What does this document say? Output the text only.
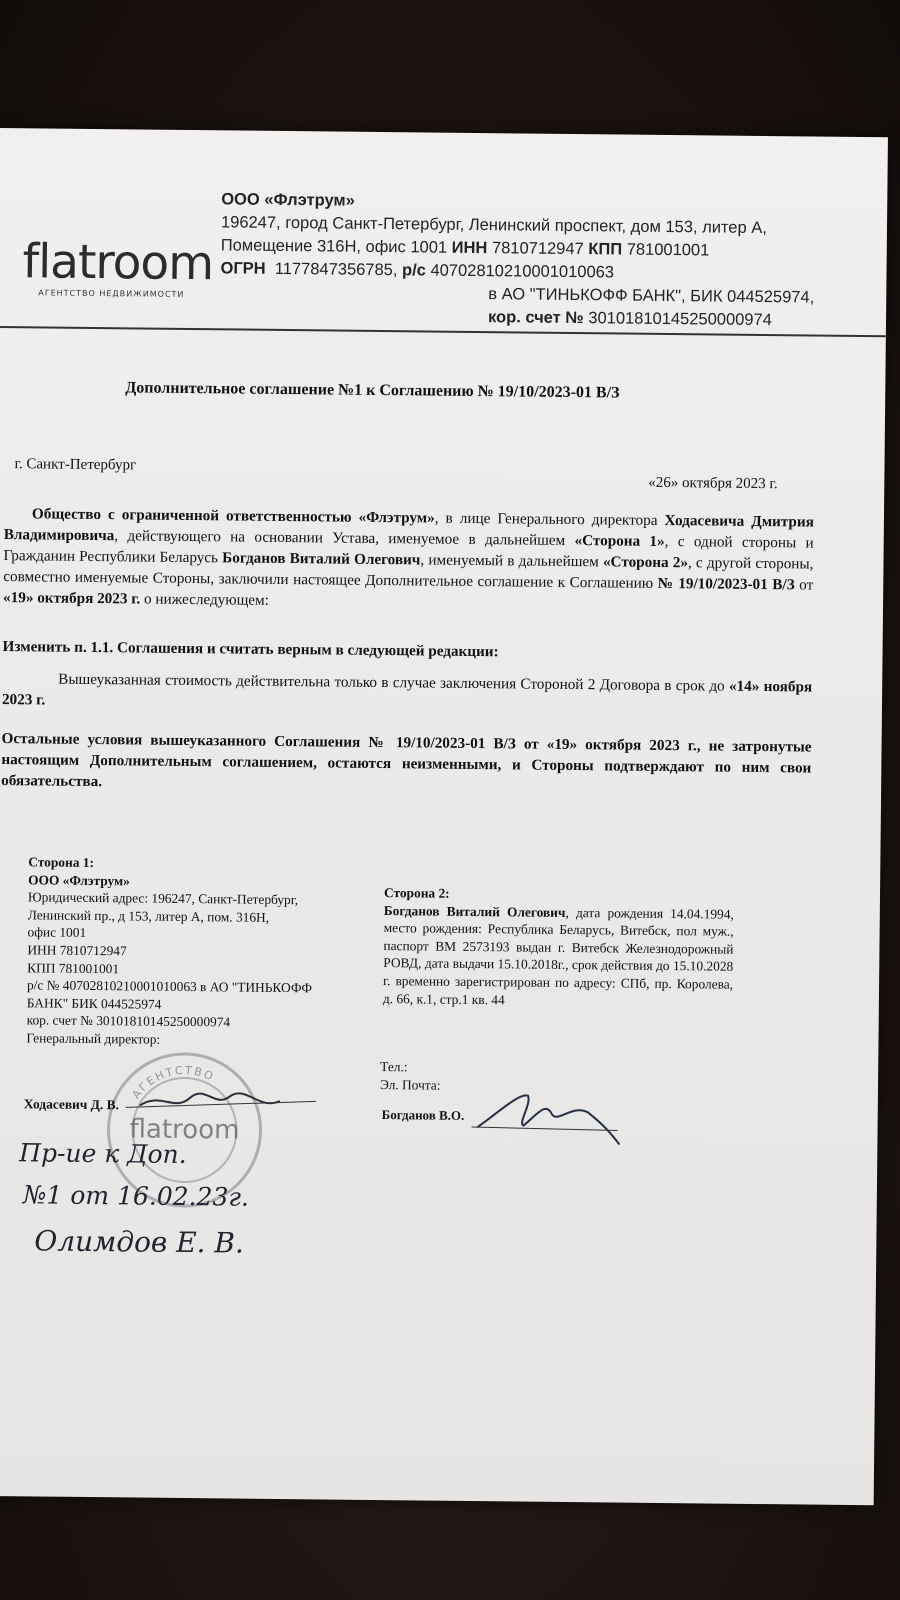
flatroom
АГЕНТСТВО НЕДВИЖИМОСТИ
ООО «Флэтрум»
196247, город Санкт-Петербург, Ленинский проспект, дом 153, литер А,
Помещение 316Н, офис 1001 ИНН 7810712947 КПП 781001001
ОГРН 1177847356785, р/с 40702810210001010063

в АО "ТИНЬКОФФ БАНК", БИК 044525974,
кор. счет № 30101810145250000974
Дополнительное соглашение №1 к Соглашению № 19/10/2023-01 В/З
г. Санкт-Петербург
«26» октября 2023 г.
Общество с ограниченной ответственностью «Флэтрум», в лице Генерального директора Ходасевича Дмитрия Владимировича, действующего на основании Устава, именуемое в дальнейшем «Сторона 1», с одной стороны и Гражданин Республики Беларусь Богданов Виталий Олегович, именуемый в дальнейшем «Сторона 2», с другой стороны, совместно именуемые Стороны, заключили настоящее Дополнительное соглашение к Соглашению № 19/10/2023-01 В/З от «19» октября 2023 г. о нижеследующем:
Изменить п. 1.1. Соглашения и считать верным в следующей редакции:
Вышеуказанная стоимость действительна только в случае заключения Стороной 2 Договора в срок до «14» ноября 2023 г.
Остальные условия вышеуказанного Соглашения № 19/10/2023-01 В/З от «19» октября 2023 г., не затронутые настоящим Дополнительным соглашением, остаются неизменными, и Стороны подтверждают по ним свои обязательства.
Сторона 1:
ООО «Флэтрум»
Юридический адрес: 196247, Санкт-Петербург,
Ленинский пр., д 153, литер А, пом. 316Н,
офис 1001
ИНН 7810712947
КПП 781001001
р/с № 40702810210001010063 в АО "ТИНЬКОФФ
БАНК" БИК 044525974
кор. счет № 30101810145250000974
Генеральный директор:
Сторона 2:
Богданов Виталий Олегович, дата рождения 14.04.1994, место рождения: Республика Беларусь, Витебск, пол муж., паспорт ВМ 2573193 выдан г. Витебск Железнодорожный РОВД, дата выдачи 15.10.2018г., срок действия до 15.10.2028 г. временно зарегистрирован по адресу: СПб, пр. Королева, д. 66, к.1, стр.1 кв. 44
Тел.:
Эл. Почта:
АГЕНТСТВО
flatroom
Ходасевич Д. В.
Богданов В.О.
Пр-ие к Доп.
№1 от 16.02.23г.
Олимдов Е. В.
